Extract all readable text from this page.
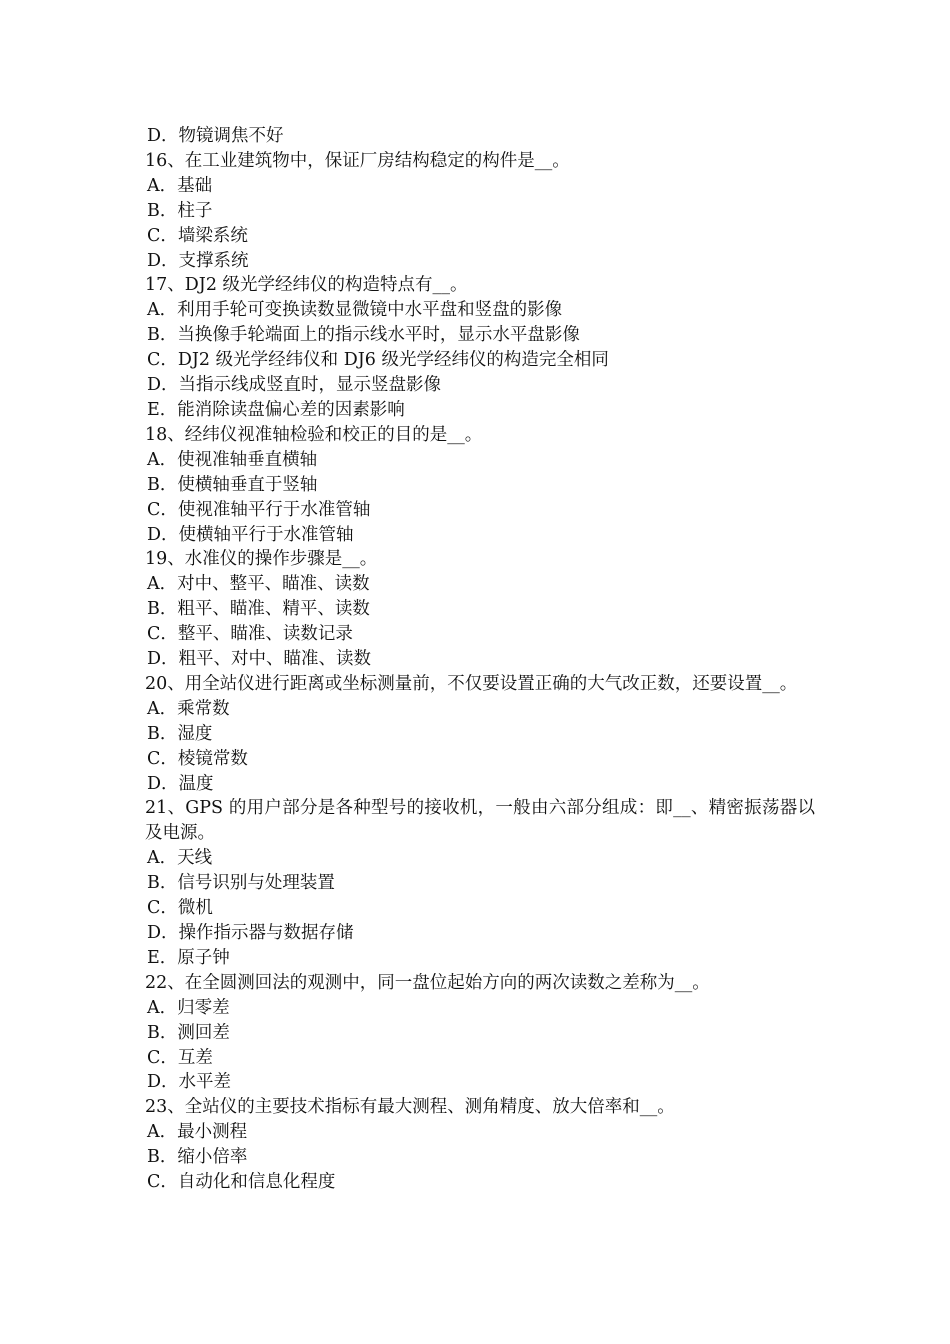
D．物镜调焦不好
16、在工业建筑物中，保证厂房结构稳定的构件是__。
A．基础
B．柱子
C．墙梁系统
D．支撑系统
17、DJ2 级光学经纬仪的构造特点有__。
A．利用手轮可变换读数显微镜中水平盘和竖盘的影像
B．当换像手轮端面上的指示线水平时，显示水平盘影像
C．DJ2 级光学经纬仪和 DJ6 级光学经纬仪的构造完全相同
D．当指示线成竖直时，显示竖盘影像
E．能消除读盘偏心差的因素影响
18、经纬仪视准轴检验和校正的目的是__。
A．使视准轴垂直横轴
B．使横轴垂直于竖轴
C．使视准轴平行于水准管轴
D．使横轴平行于水准管轴
19、水准仪的操作步骤是__。
A．对中、整平、瞄准、读数
B．粗平、瞄准、精平、读数
C．整平、瞄准、读数记录
D．粗平、对中、瞄准、读数
20、用全站仪进行距离或坐标测量前，不仅要设置正确的大气改正数，还要设置__。
A．乘常数
B．湿度
C．棱镜常数
D．温度
21、GPS 的用户部分是各种型号的接收机，一般由六部分组成：即__、精密振荡器以及电源。
A．天线
B．信号识别与处理装置
C．微机
D．操作指示器与数据存储
E．原子钟
22、在全圆测回法的观测中，同一盘位起始方向的两次读数之差称为__。
A．归零差
B．测回差
C．互差
D．水平差
23、全站仪的主要技术指标有最大测程、测角精度、放大倍率和__。
A．最小测程
B．缩小倍率
C．自动化和信息化程度
